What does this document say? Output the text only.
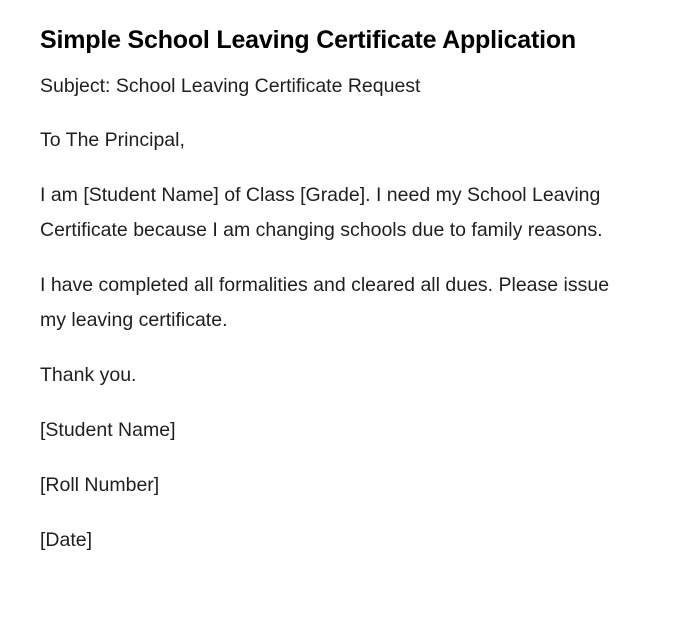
Simple School Leaving Certificate Application

Subject: School Leaving Certificate Request

To The Principal,

I am [Student Name] of Class [Grade]. I need my School Leaving Certificate because I am changing schools due to family reasons.

I have completed all formalities and cleared all dues. Please issue my leaving certificate.

Thank you.

[Student Name]

[Roll Number]

[Date]
